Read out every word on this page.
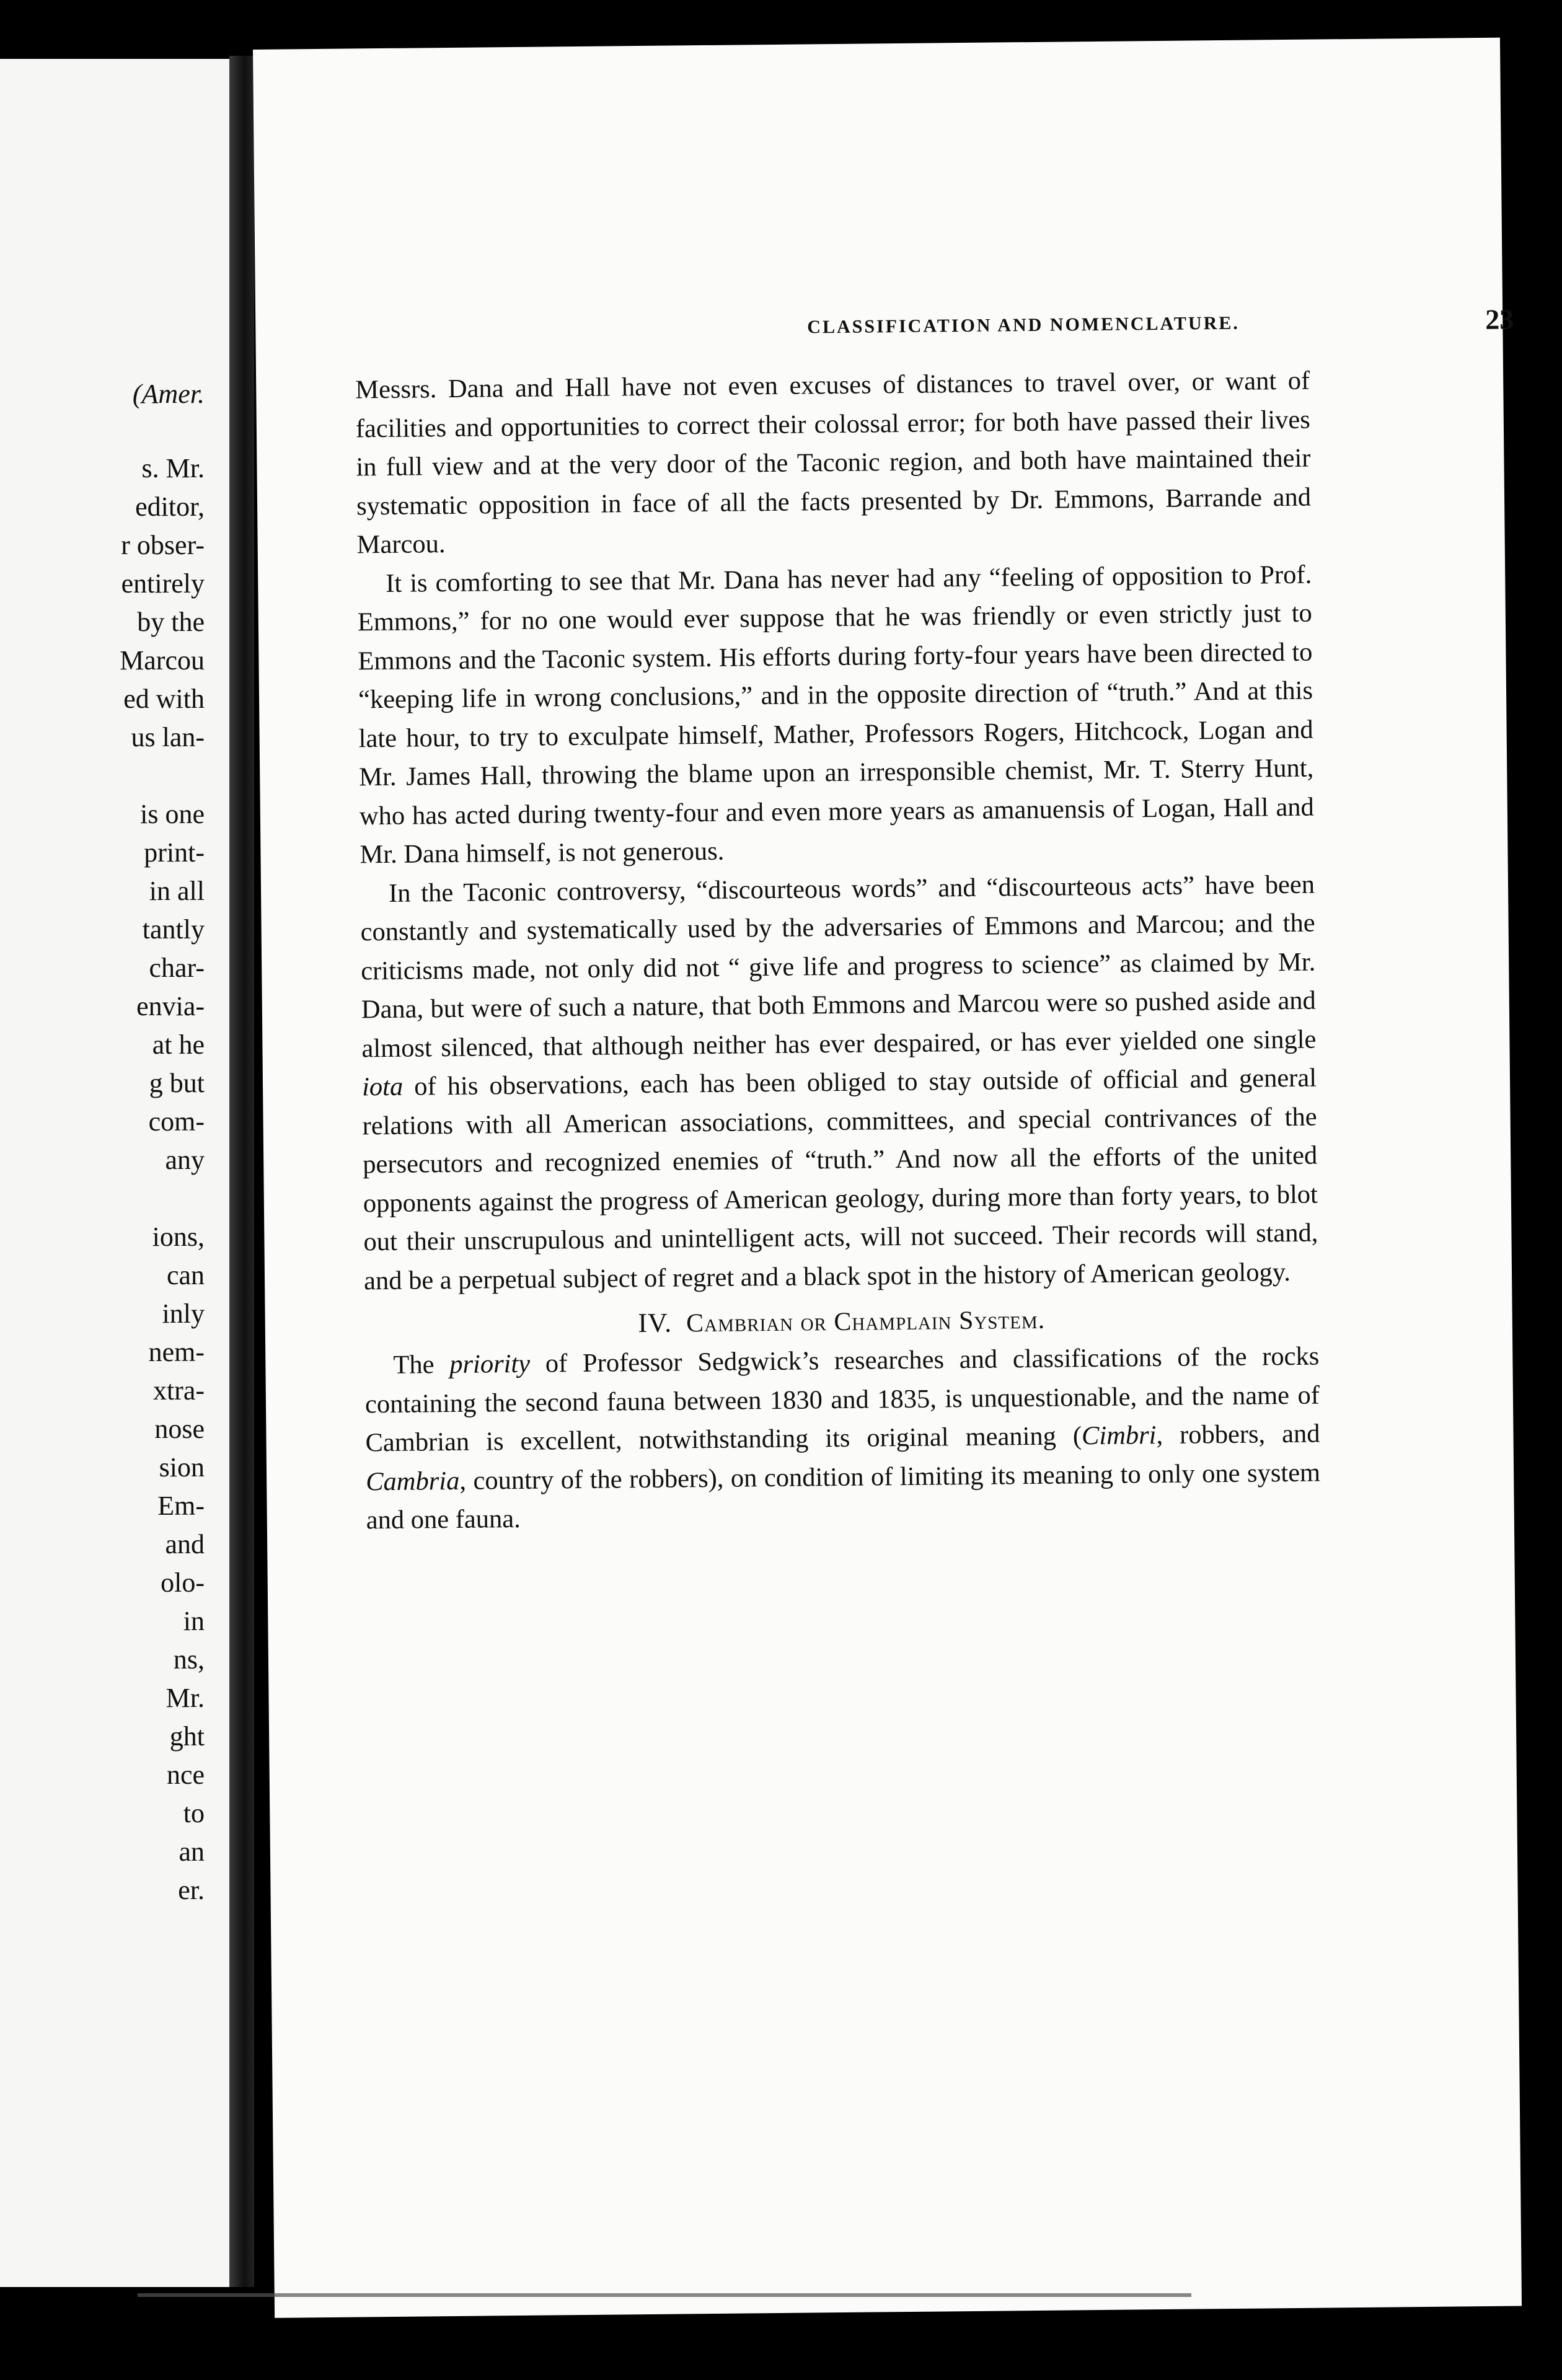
(Amer.
s. Mr.
editor,
r obser-
entirely
by the
Marcou
ed with
us lan-
is one
print-
in all
tantly
char-
envia-
at he
g but
com-
any
ions,
can
inly
nem-
xtra-
nose
sion
Em-
and
olo-
in
ns,
Mr.
ght
nce
to
an
er.
CLASSIFICATION AND NOMENCLATURE.	23

Messrs. Dana and Hall have not even excuses of distances to travel over, or want of facilities and opportunities to correct their colossal error; for both have passed their lives in full view and at the very door of the Taconic region, and both have maintained their systematic opposition in face of all the facts presented by Dr. Emmons, Barrande and Marcou.

It is comforting to see that Mr. Dana has never had any “feeling of opposition to Prof. Emmons,” for no one would ever suppose that he was friendly or even strictly just to Emmons and the Taconic system. His efforts during forty-four years have been directed to “keeping life in wrong conclusions,” and in the opposite direction of “truth.” And at this late hour, to try to exculpate himself, Mather, Professors Rogers, Hitchcock, Logan and Mr. James Hall, throwing the blame upon an irresponsible chemist, Mr. T. Sterry Hunt, who has acted during twenty-four and even more years as amanuensis of Logan, Hall and Mr. Dana himself, is not generous.

In the Taconic controversy, “discourteous words” and “discourteous acts” have been constantly and systematically used by the adversaries of Emmons and Marcou; and the criticisms made, not only did not “ give life and progress to science” as claimed by Mr. Dana, but were of such a nature, that both Emmons and Marcou were so pushed aside and almost silenced, that although neither has ever despaired, or has ever yielded one single iota of his observations, each has been obliged to stay outside of official and general relations with all American associations, committees, and special contrivances of the persecutors and recognized enemies of “truth.” And now all the efforts of the united opponents against the progress of American geology, during more than forty years, to blot out their unscrupulous and unintelligent acts, will not succeed. Their records will stand, and be a perpetual subject of regret and a black spot in the history of American geology.

IV. Cambrian or Champlain System.

The priority of Professor Sedgwick’s researches and classifications of the rocks containing the second fauna between 1830 and 1835, is unquestionable, and the name of Cambrian is excellent, notwithstanding its original meaning (Cimbri, robbers, and Cambria, country of the robbers), on condition of limiting its meaning to only one system and one fauna.
